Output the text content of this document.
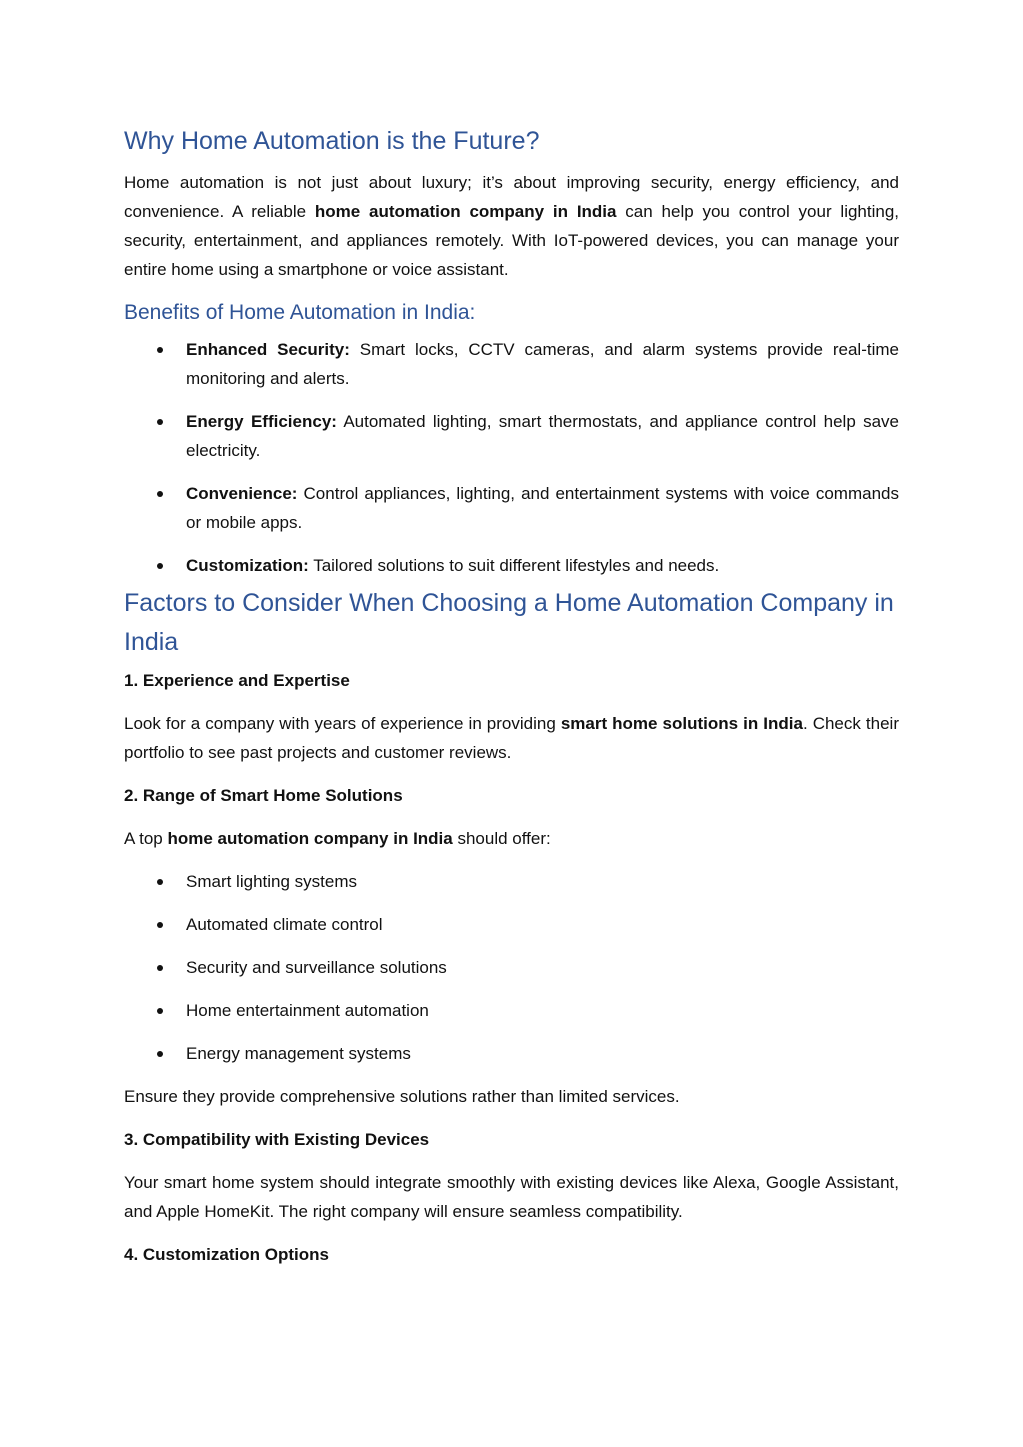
Why Home Automation is the Future?

Home automation is not just about luxury; it’s about improving security, energy efficiency, and convenience. A reliable home automation company in India can help you control your lighting, security, entertainment, and appliances remotely. With IoT-powered devices, you can manage your entire home using a smartphone or voice assistant.

Benefits of Home Automation in India:
Enhanced Security: Smart locks, CCTV cameras, and alarm systems provide real-time monitoring and alerts.
Energy Efficiency: Automated lighting, smart thermostats, and appliance control help save electricity.
Convenience: Control appliances, lighting, and entertainment systems with voice commands or mobile apps.
Customization: Tailored solutions to suit different lifestyles and needs.
Factors to Consider When Choosing a Home Automation Company in India
1. Experience and Expertise

Look for a company with years of experience in providing smart home solutions in India. Check their portfolio to see past projects and customer reviews.

2. Range of Smart Home Solutions

A top home automation company in India should offer:

Smart lighting systems
Automated climate control
Security and surveillance solutions
Home entertainment automation
Energy management systems

Ensure they provide comprehensive solutions rather than limited services.

3. Compatibility with Existing Devices

Your smart home system should integrate smoothly with existing devices like Alexa, Google Assistant, and Apple HomeKit. The right company will ensure seamless compatibility.

4. Customization Options
